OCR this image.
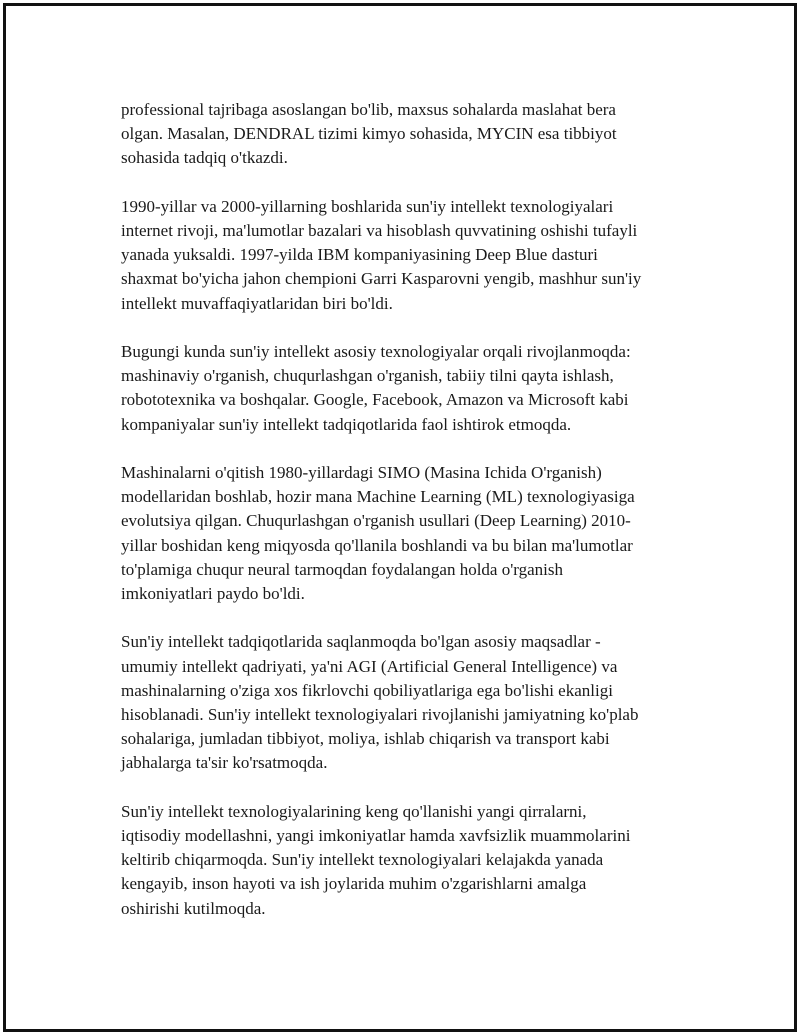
professional tajribaga asoslangan bo'lib, maxsus sohalarda maslahat bera
olgan. Masalan, DENDRAL tizimi kimyo sohasida, MYCIN esa tibbiyot
sohasida tadqiq o'tkazdi.

1990-yillar va 2000-yillarning boshlarida sun'iy intellekt texnologiyalari
internet rivoji, ma'lumotlar bazalari va hisoblash quvvatining oshishi tufayli
yanada yuksaldi. 1997-yilda IBM kompaniyasining Deep Blue dasturi
shaxmat bo'yicha jahon chempioni Garri Kasparovni yengib, mashhur sun'iy
intellekt muvaffaqiyatlaridan biri bo'ldi.

Bugungi kunda sun'iy intellekt asosiy texnologiyalar orqali rivojlanmoqda:
mashinaviy o'rganish, chuqurlashgan o'rganish, tabiiy tilni qayta ishlash,
robototexnika va boshqalar. Google, Facebook, Amazon va Microsoft kabi
kompaniyalar sun'iy intellekt tadqiqotlarida faol ishtirok etmoqda.

Mashinalarni o'qitish 1980-yillardagi SIMO (Masina Ichida O'rganish)
modellaridan boshlab, hozir mana Machine Learning (ML) texnologiyasiga
evolutsiya qilgan. Chuqurlashgan o'rganish usullari (Deep Learning) 2010-
yillar boshidan keng miqyosda qo'llanila boshlandi va bu bilan ma'lumotlar
to'plamiga chuqur neural tarmoqdan foydalangan holda o'rganish
imkoniyatlari paydo bo'ldi.

Sun'iy intellekt tadqiqotlarida saqlanmoqda bo'lgan asosiy maqsadlar -
umumiy intellekt qadriyati, ya'ni AGI (Artificial General Intelligence) va
mashinalarning o'ziga xos fikrlovchi qobiliyatlariga ega bo'lishi ekanligi
hisoblanadi. Sun'iy intellekt texnologiyalari rivojlanishi jamiyatning ko'plab
sohalariga, jumladan tibbiyot, moliya, ishlab chiqarish va transport kabi
jabhalarga ta'sir ko'rsatmoqda.

Sun'iy intellekt texnologiyalarining keng qo'llanishi yangi qirralarni,
iqtisodiy modellashni, yangi imkoniyatlar hamda xavfsizlik muammolarini
keltirib chiqarmoqda. Sun'iy intellekt texnologiyalari kelajakda yanada
kengayib, inson hayoti va ish joylarida muhim o'zgarishlarni amalga
oshirishi kutilmoqda.
